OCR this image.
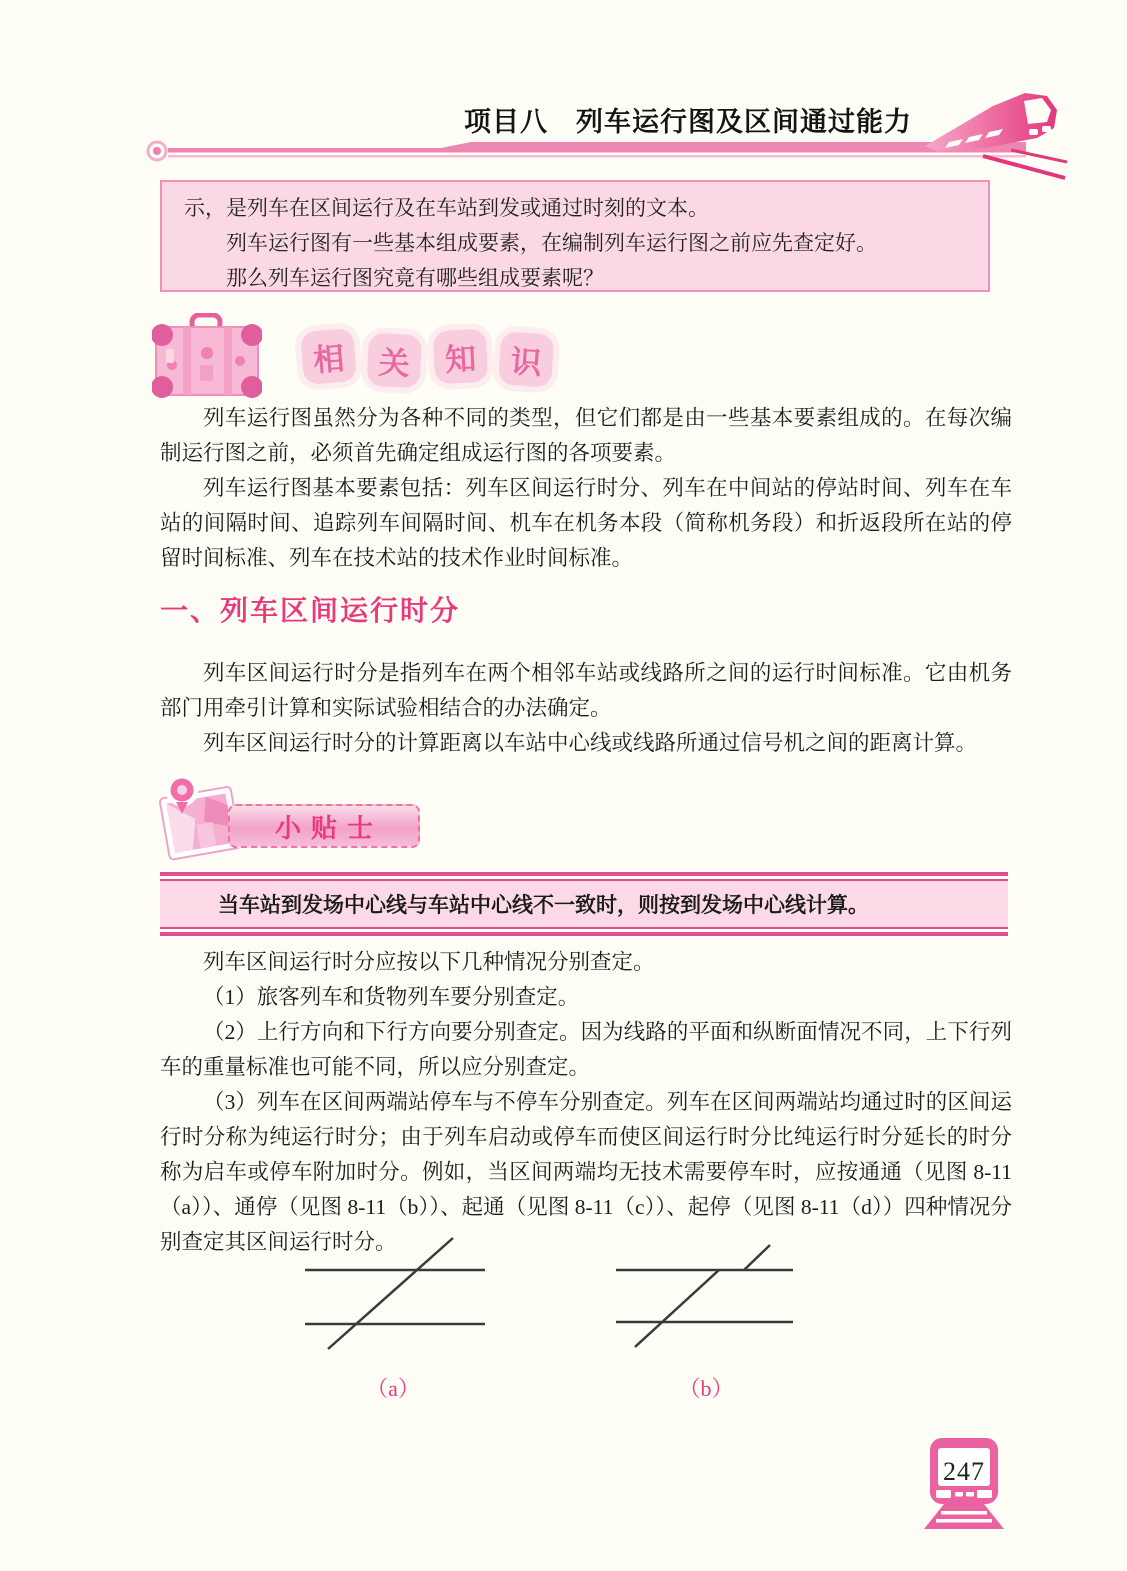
项目八　列车运行图及区间通过能力

示，是列车在区间运行及在车站到发或通过时刻的文本。

列车运行图有一些基本组成要素，在编制列车运行图之前应先查定好。

那么列车运行图究竟有哪些组成要素呢？

相	关	知	识

列车运行图虽然分为各种不同的类型，但它们都是由一些基本要素组成的。在每次编制运行图之前，必须首先确定组成运行图的各项要素。

列车运行图基本要素包括：列车区间运行时分、列车在中间站的停站时间、列车在车站的间隔时间、追踪列车间隔时间、机车在机务本段（简称机务段）和折返段所在站的停留时间标准、列车在技术站的技术作业时间标准。

一、列车区间运行时分

列车区间运行时分是指列车在两个相邻车站或线路所之间的运行时间标准。它由机务部门用牵引计算和实际试验相结合的办法确定。

列车区间运行时分的计算距离以车站中心线或线路所通过信号机之间的距离计算。

小贴士
当车站到发场中心线与车站中心线不一致时，则按到发场中心线计算。

列车区间运行时分应按以下几种情况分别查定。

（1）旅客列车和货物列车要分别查定。

（2）上行方向和下行方向要分别查定。因为线路的平面和纵断面情况不同，上下行列车的重量标准也可能不同，所以应分别查定。

（3）列车在区间两端站停车与不停车分别查定。列车在区间两端站均通过时的区间运行时分称为纯运行时分；由于列车启动或停车而使区间运行时分比纯运行时分延长的时分称为启车或停车附加时分。例如，当区间两端均无技术需要停车时，应按通通（见图 8-11（a））、通停（见图 8-11（b））、起通（见图 8-11（c））、起停（见图 8-11（d））四种情况分别查定其区间运行时分。

（a）	（b）
247
